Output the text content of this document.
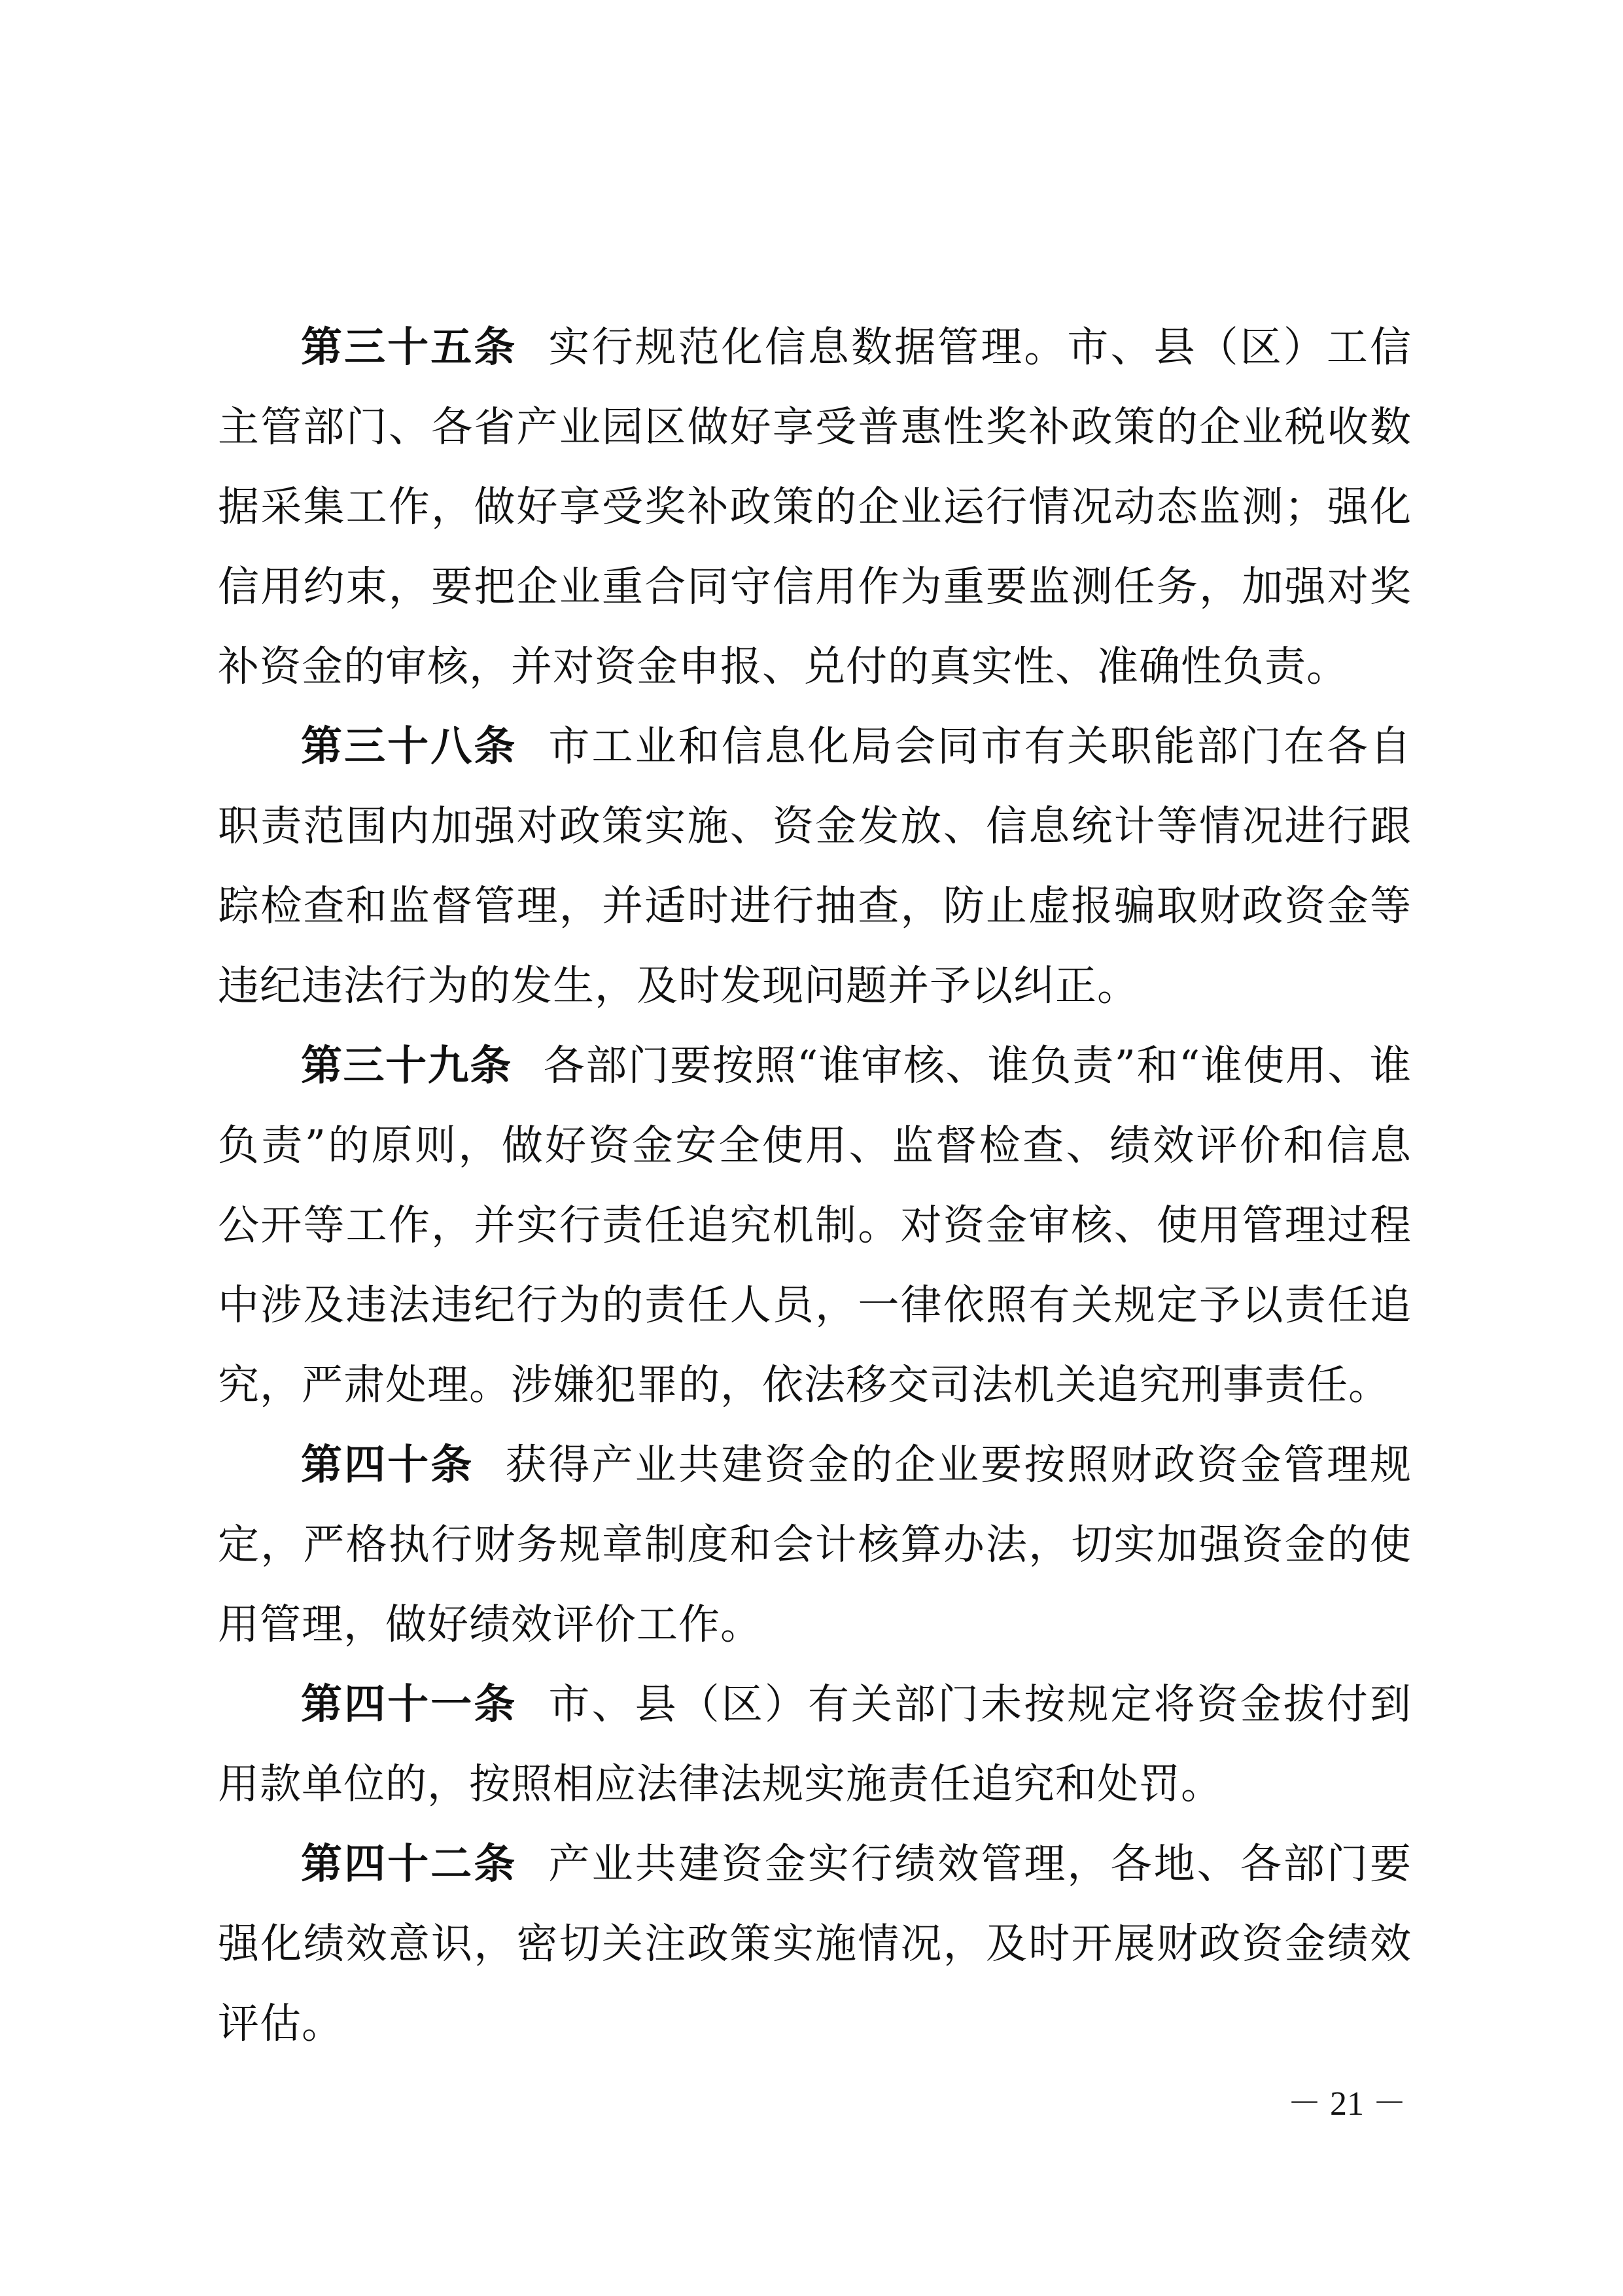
第三十五条 实行规范化信息数据管理。市、县（区）工信主管部门、各省产业园区做好享受普惠性奖补政策的企业税收数据采集工作，做好享受奖补政策的企业运行情况动态监测；强化信用约束，要把企业重合同守信用作为重要监测任务，加强对奖补资金的审核，并对资金申报、兑付的真实性、准确性负责。

第三十八条 市工业和信息化局会同市有关职能部门在各自职责范围内加强对政策实施、资金发放、信息统计等情况进行跟踪检查和监督管理，并适时进行抽查，防止虚报骗取财政资金等违纪违法行为的发生，及时发现问题并予以纠正。

第三十九条 各部门要按照“谁审核、谁负责”和“谁使用、谁负责”的原则，做好资金安全使用、监督检查、绩效评价和信息公开等工作，并实行责任追究机制。对资金审核、使用管理过程中涉及违法违纪行为的责任人员，一律依照有关规定予以责任追究，严肃处理。涉嫌犯罪的，依法移交司法机关追究刑事责任。

第四十条 获得产业共建资金的企业要按照财政资金管理规定，严格执行财务规章制度和会计核算办法，切实加强资金的使用管理，做好绩效评价工作。

第四十一条 市、县（区）有关部门未按规定将资金拔付到用款单位的，按照相应法律法规实施责任追究和处罚。

第四十二条 产业共建资金实行绩效管理，各地、各部门要强化绩效意识，密切关注政策实施情况，及时开展财政资金绩效评估。

－ 21 －
